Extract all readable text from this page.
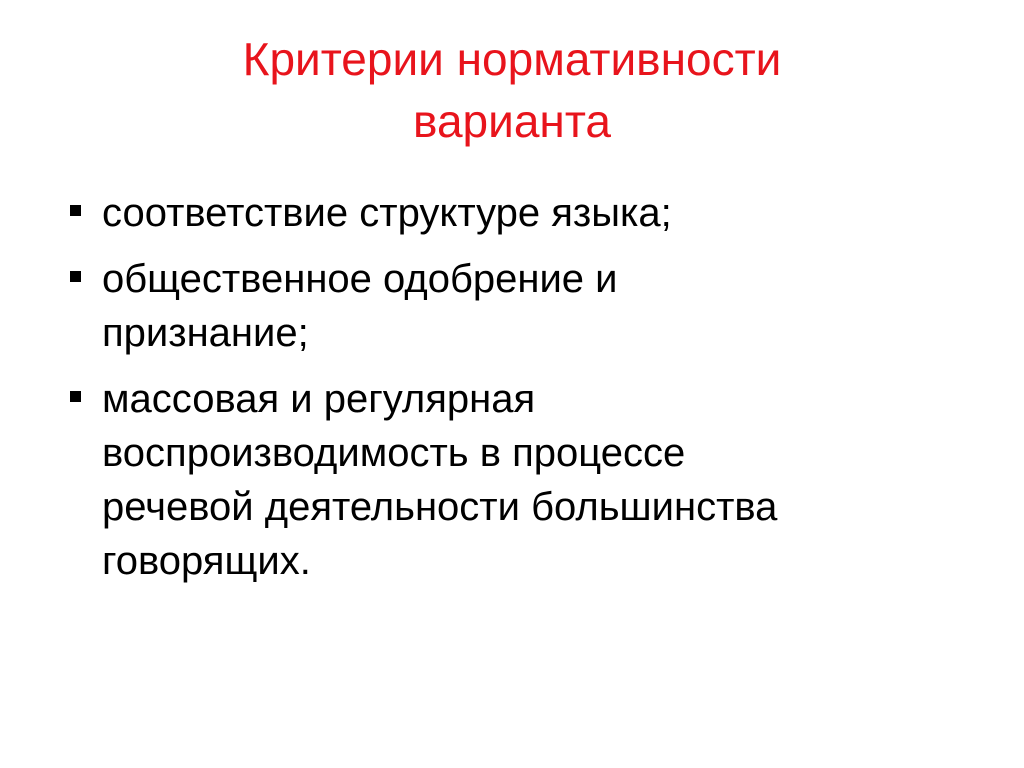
Критерии нормативности
варианта
соответствие структуре языка;
общественное одобрение и
признание;
массовая и регулярная
воспроизводимость в процессе
речевой деятельности большинства
говорящих.
